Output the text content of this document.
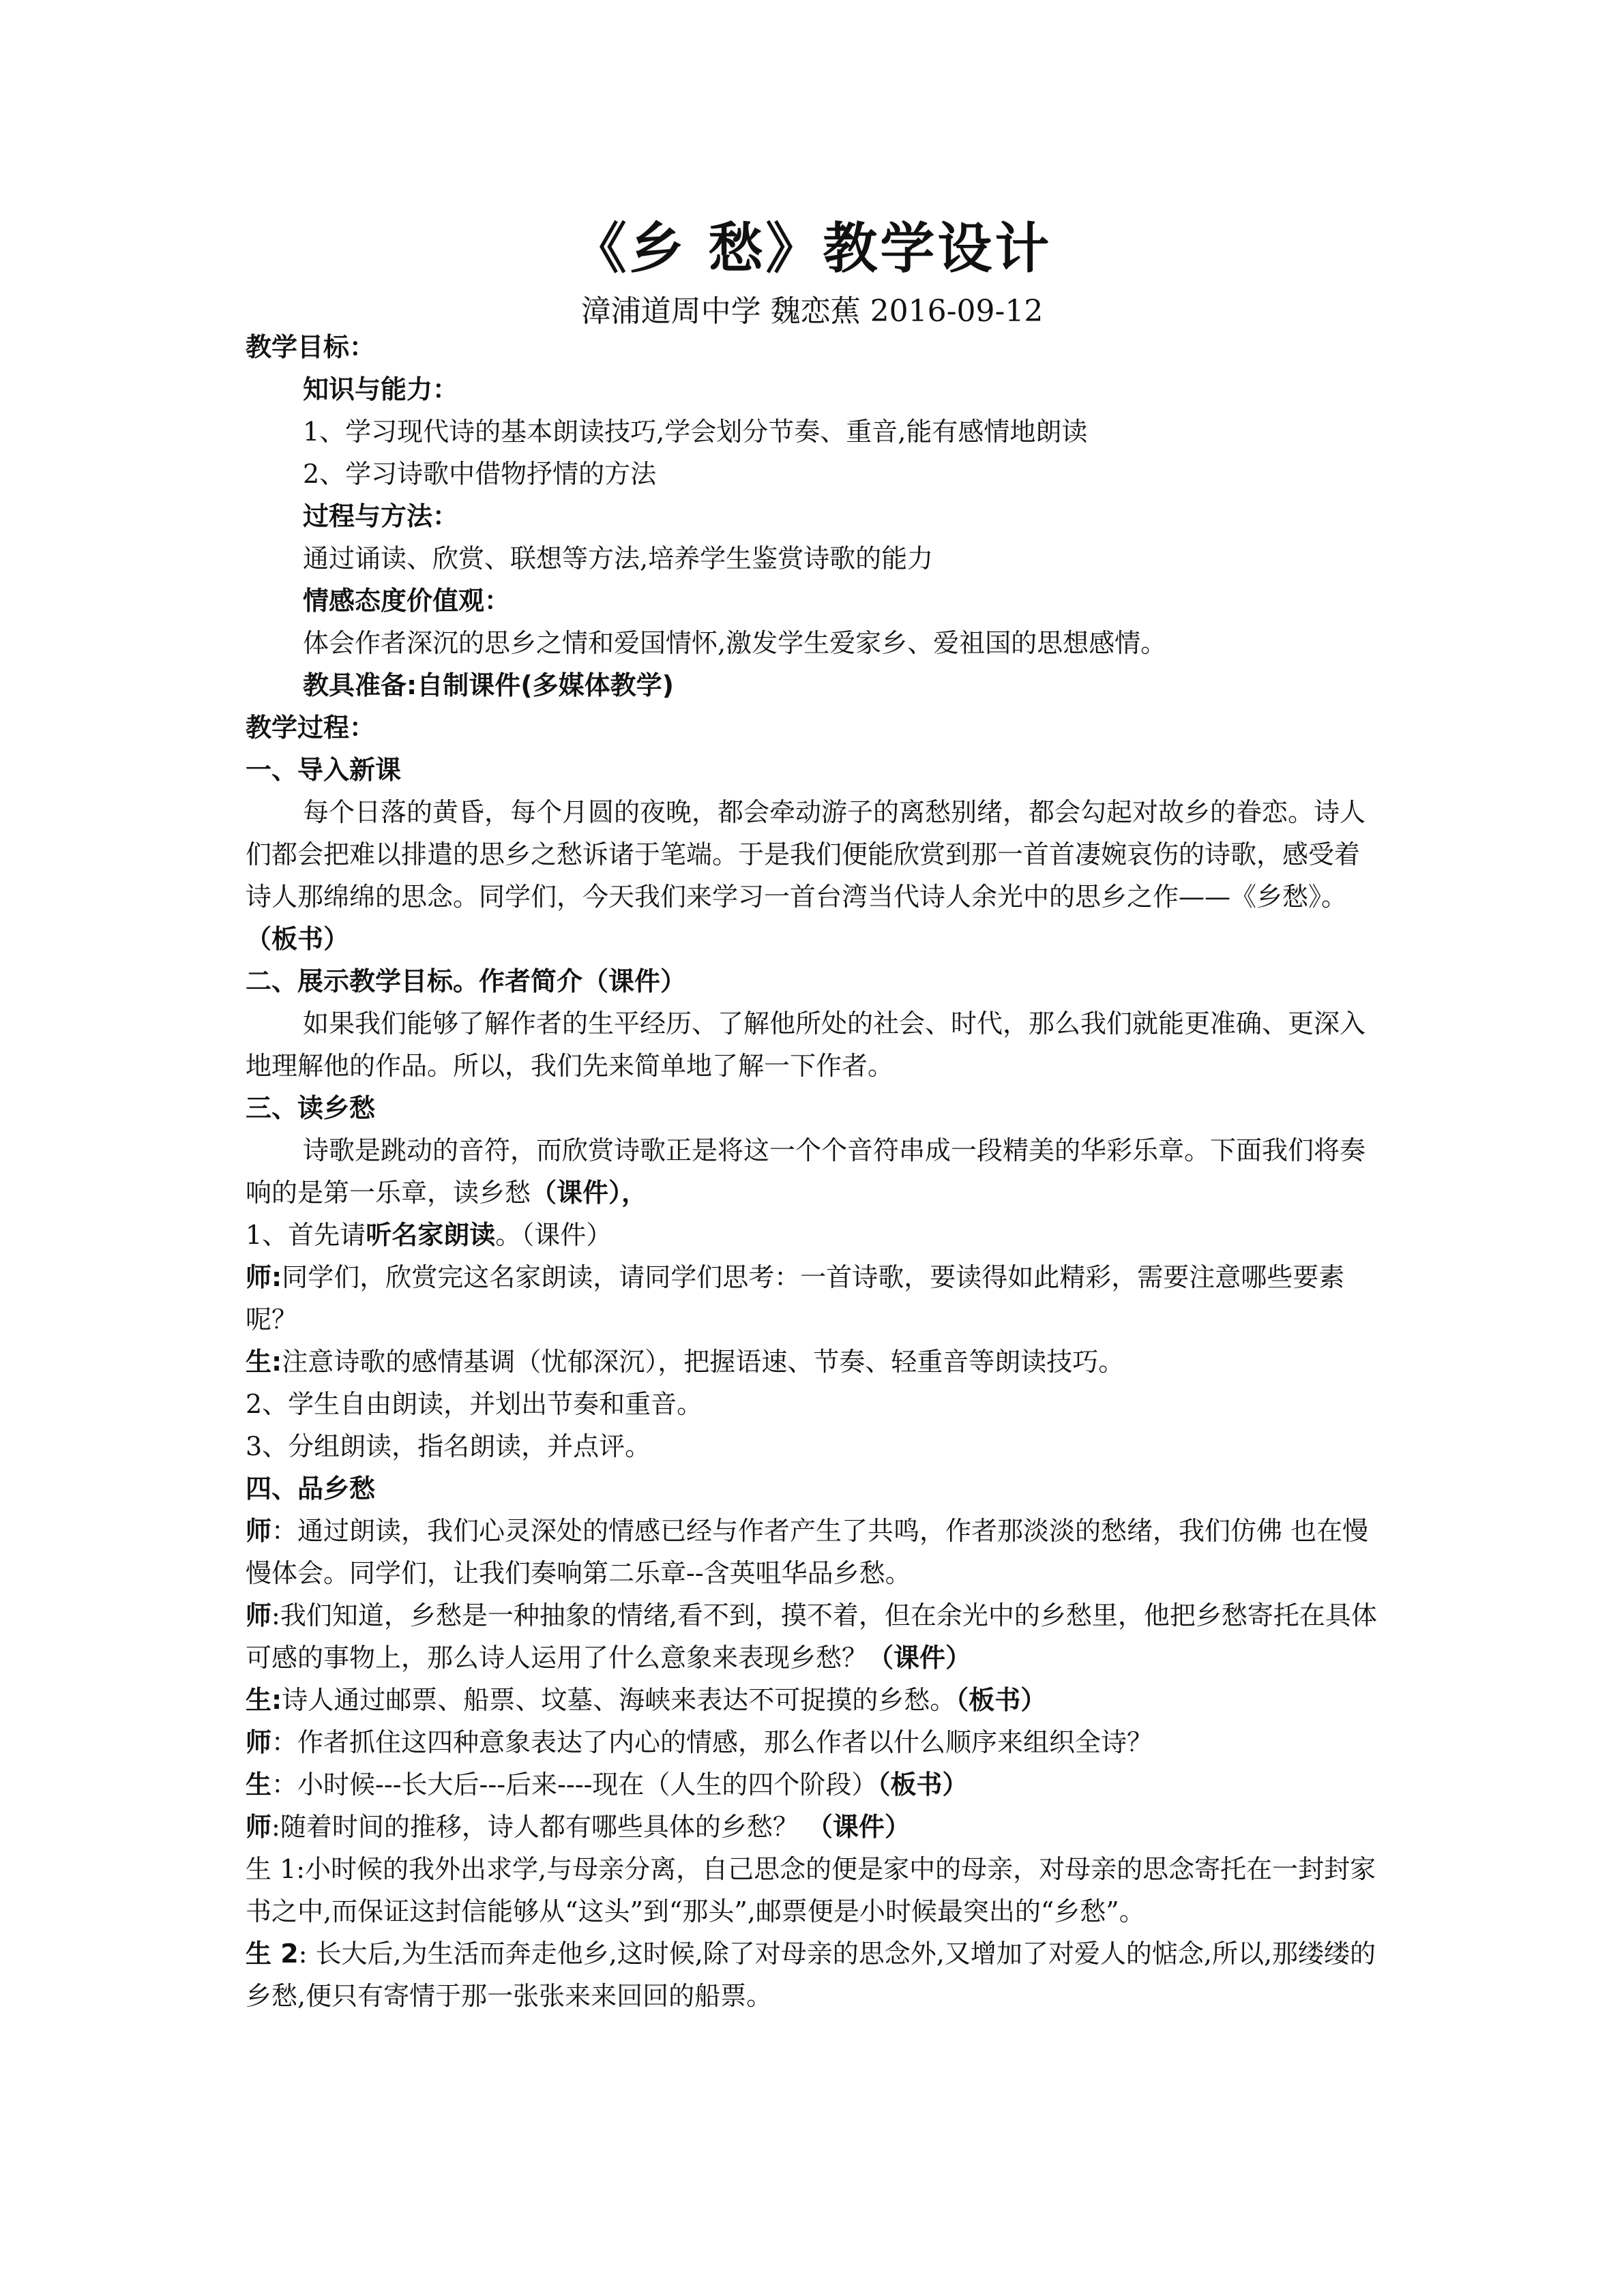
《乡 愁》教学设计
漳浦道周中学 魏恋蕉 2016-09-12

教学目标：

知识与能力：

1、学习现代诗的基本朗读技巧,学会划分节奏、重音,能有感情地朗读

2、学习诗歌中借物抒情的方法

过程与方法：

通过诵读、欣赏、联想等方法,培养学生鉴赏诗歌的能力

情感态度价值观：

体会作者深沉的思乡之情和爱国情怀,激发学生爱家乡、爱祖国的思想感情。

教具准备:自制课件(多媒体教学)

教学过程：

一、导入新课

每个日落的黄昏，每个月圆的夜晚，都会牵动游子的离愁别绪，都会勾起对故乡的眷恋。诗人们都会把难以排遣的思乡之愁诉诸于笔端。于是我们便能欣赏到那一首首凄婉哀伤的诗歌，感受着诗人那绵绵的思念。同学们，今天我们来学习一首台湾当代诗人余光中的思乡之作——《乡愁》。（板书）

二、展示教学目标。作者简介（课件）

如果我们能够了解作者的生平经历、了解他所处的社会、时代，那么我们就能更准确、更深入地理解他的作品。所以，我们先来简单地了解一下作者。

三、读乡愁

诗歌是跳动的音符，而欣赏诗歌正是将这一个个音符串成一段精美的华彩乐章。下面我们将奏响的是第一乐章，读乡愁（课件），

1、首先请听名家朗读。（课件）

师:同学们，欣赏完这名家朗读，请同学们思考：一首诗歌，要读得如此精彩，需要注意哪些要素呢？

生:注意诗歌的感情基调（忧郁深沉），把握语速、节奏、轻重音等朗读技巧。

2、学生自由朗读，并划出节奏和重音。

3、分组朗读，指名朗读，并点评。

四、品乡愁

师：通过朗读，我们心灵深处的情感已经与作者产生了共鸣，作者那淡淡的愁绪，我们仿佛 也在慢慢体会。同学们，让我们奏响第二乐章--含英咀华品乡愁。

师:我们知道，乡愁是一种抽象的情绪,看不到，摸不着，但在余光中的乡愁里，他把乡愁寄托在具体可感的事物上，那么诗人运用了什么意象来表现乡愁？（课件）

生:诗人通过邮票、船票、坟墓、海峡来表达不可捉摸的乡愁。（板书）

师：作者抓住这四种意象表达了内心的情感，那么作者以什么顺序来组织全诗？

生：小时候---长大后---后来----现在（人生的四个阶段）（板书）

师:随着时间的推移，诗人都有哪些具体的乡愁？ （课件）

生 1:小时候的我外出求学,与母亲分离，自己思念的便是家中的母亲，对母亲的思念寄托在一封封家书之中,而保证这封信能够从“这头”到“那头”,邮票便是小时候最突出的“乡愁”。

生 2: 长大后,为生活而奔走他乡,这时候,除了对母亲的思念外,又增加了对爱人的惦念,所以,那缕缕的乡愁,便只有寄情于那一张张来来回回的船票。
